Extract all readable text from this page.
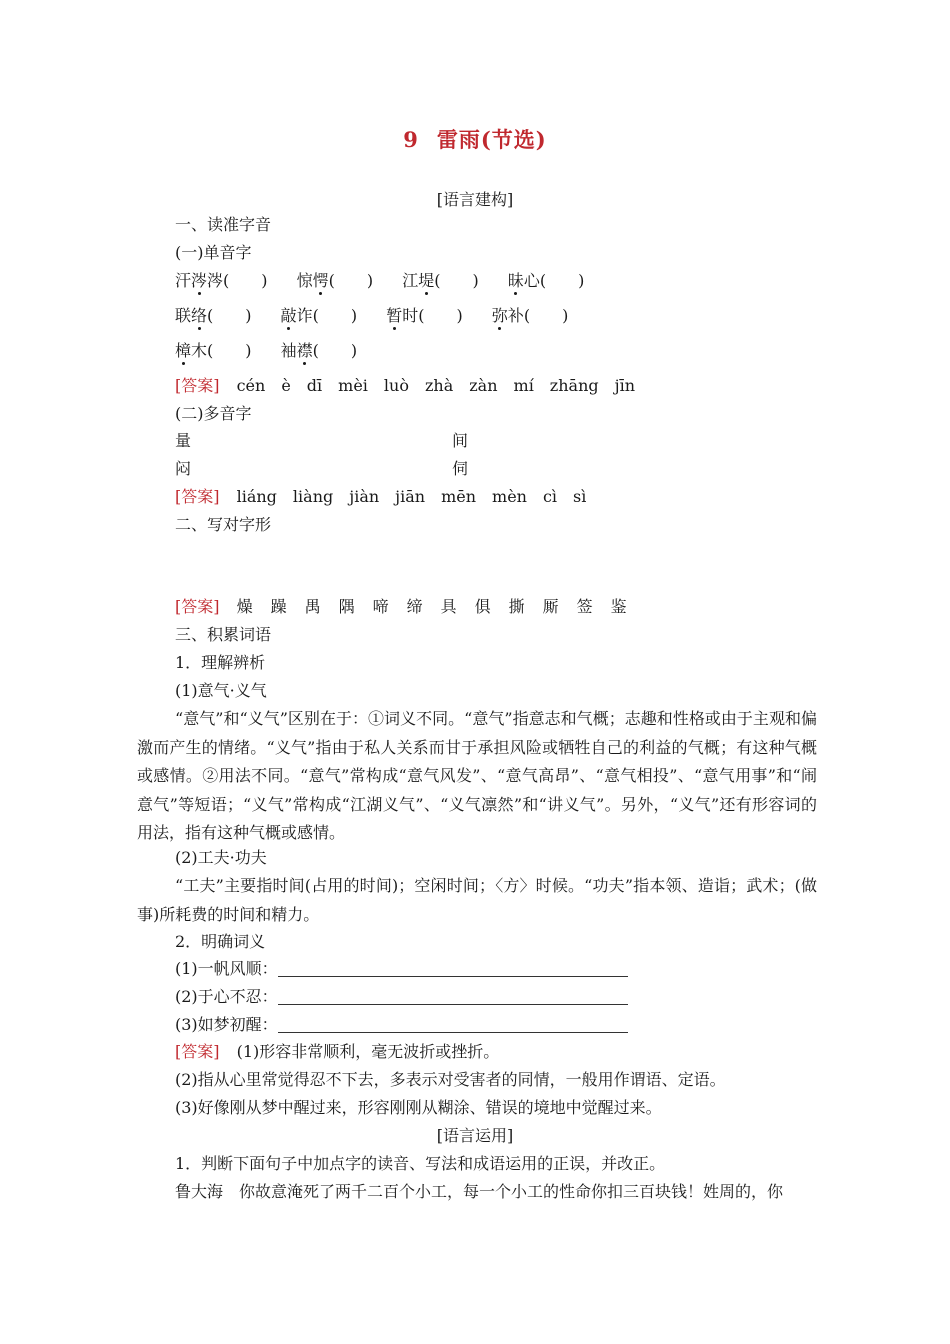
9 雷雨(节选)
[语言建构]
一、读准字音
(一)单音字
汗涔涔(　　) 惊愕(　　) 江堤(　　) 昧心(　　)
联络(　　) 敲诈(　　) 暂时(　　) 弥补(　　)
樟木(　　) 袖襟(　　)
[答案] cén　è　dī　mèi　luò　zhà　zàn　mí　zhāng　jīn
(二)多音字
量	间
闷	伺
[答案] liáng　liàng　jiàn　jiān　mēn　mèn　cì　sì
二、写对字形
[答案] 燥　躁　禺　隅　啼　缔　具　俱　撕　厮　签　鉴
三、积累词语
1．理解辨析
(1)意气·义气
“意气”和“义气”区别在于：①词义不同。“意气”指意志和气概；志趣和性格或由于主观和偏激而产生的情绪。“义气”指由于私人关系而甘于承担风险或牺牲自己的利益的气概；有这种气概或感情。②用法不同。“意气”常构成“意气风发”、“意气高昂”、“意气相投”、“意气用事”和“闹意气”等短语；“义气”常构成“江湖义气”、“义气凛然”和“讲义气”。另外，“义气”还有形容词的用法，指有这种气概或感情。
(2)工夫·功夫
“工夫”主要指时间(占用的时间)；空闲时间；〈方〉时候。“功夫”指本领、造诣；武术；(做事)所耗费的时间和精力。
2．明确词义
(1)一帆风顺：
(2)于心不忍：
(3)如梦初醒：
[答案] (1)形容非常顺利，毫无波折或挫折。
(2)指从心里常觉得忍不下去，多表示对受害者的同情，一般用作谓语、定语。
(3)好像刚从梦中醒过来，形容刚刚从糊涂、错误的境地中觉醒过来。
[语言运用]
1．判断下面句子中加点字的读音、写法和成语运用的正误，并改正。
鲁大海　你故意淹死了两千二百个小工，每一个小工的性命你扣三百块钱！姓周的，你
